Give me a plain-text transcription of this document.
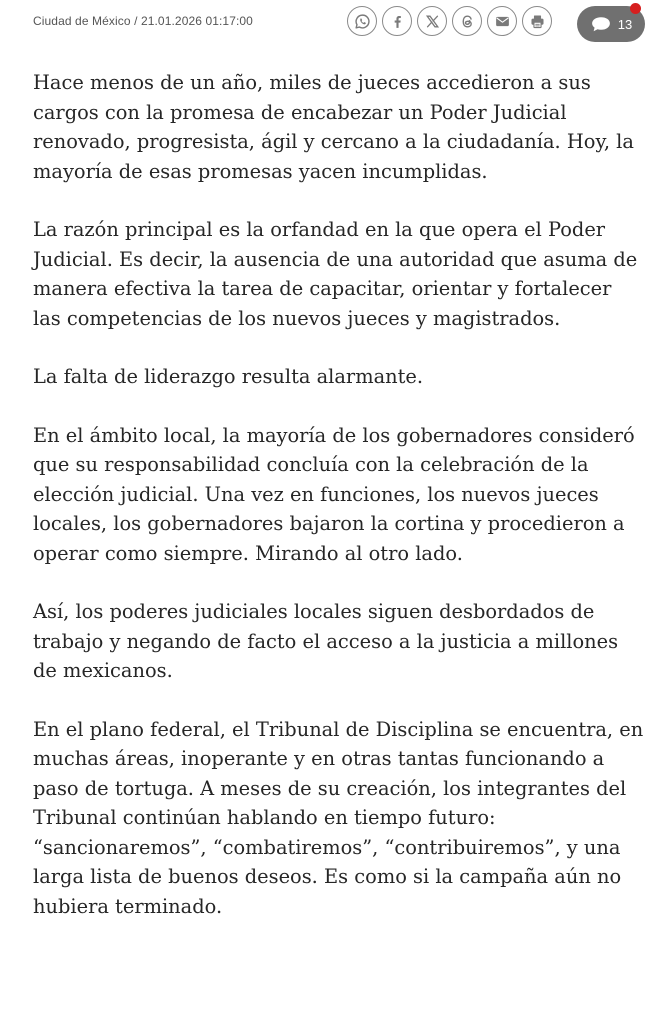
Ciudad de México / 21.01.2026 01:17:00	13

Hace menos de un año, miles de jueces accedieron a sus cargos con la promesa de encabezar un Poder Judicial renovado, progresista, ágil y cercano a la ciudadanía. Hoy, la mayoría de esas promesas yacen incumplidas.

La razón principal es la orfandad en la que opera el Poder Judicial. Es decir, la ausencia de una autoridad que asuma de manera efectiva la tarea de capacitar, orientar y fortalecer las competencias de los nuevos jueces y magistrados.

La falta de liderazgo resulta alarmante.

En el ámbito local, la mayoría de los gobernadores consideró que su responsabilidad concluía con la celebración de la elección judicial. Una vez en funciones, los nuevos jueces locales, los gobernadores bajaron la cortina y procedieron a operar como siempre. Mirando al otro lado.

Así, los poderes judiciales locales siguen desbordados de trabajo y negando de facto el acceso a la justicia a millones de mexicanos.

En el plano federal, el Tribunal de Disciplina se encuentra, en muchas áreas, inoperante y en otras tantas funcionando a paso de tortuga. A meses de su creación, los integrantes del Tribunal continúan hablando en tiempo futuro: “sancionaremos”, “combatiremos”, “contribuiremos”, y una larga lista de buenos deseos. Es como si la campaña aún no hubiera terminado.
